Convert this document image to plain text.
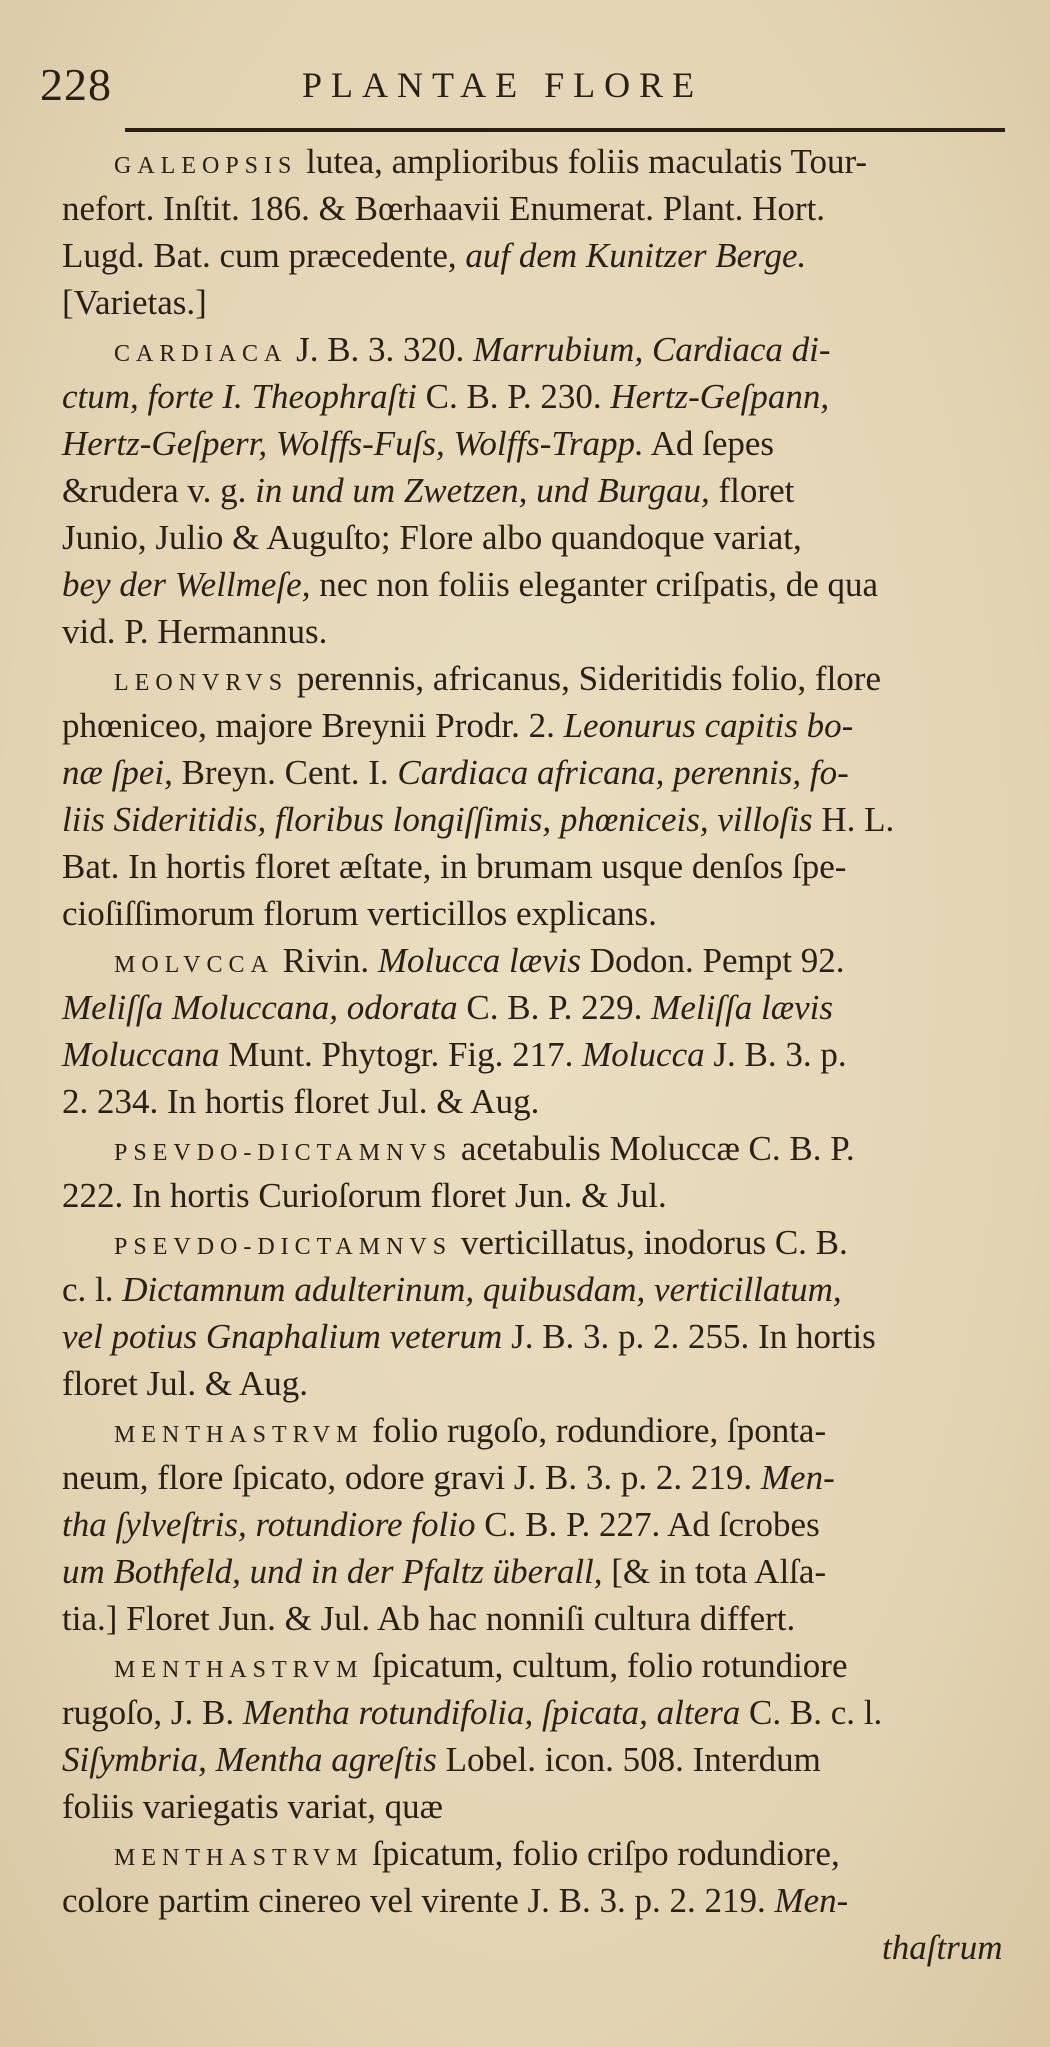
228	PLANTAE FLORE
GALEOPSIS lutea, amplioribus foliis maculatis Tour-
nefort. Inſtit. 186. & Bœrhaavii Enumerat. Plant. Hort.
Lugd. Bat. cum præcedente, auf dem Kunitzer Berge.
[Varietas.]
CARDIACA J. B. 3. 320. Marrubium, Cardiaca di-
ctum, forte I. Theophraſti C. B. P. 230. Hertz-Geſpann,
Hertz-Geſperr, Wolffs-Fuſs, Wolffs-Trapp. Ad ſepes
&rudera v. g. in und um Zwetzen, und Burgau, floret
Junio, Julio & Auguſto; Flore albo quandoque variat,
bey der Wellmeſe, nec non foliis eleganter criſpatis, de qua
vid. P. Hermannus.
LEONVRVS perennis, africanus, Sideritidis folio, flore
phœniceo, majore Breynii Prodr. 2. Leonurus capitis bo-
næ ſpei, Breyn. Cent. I. Cardiaca africana, perennis, fo-
liis Sideritidis, floribus longiſſimis, phœniceis, villoſis H. L.
Bat. In hortis floret æſtate, in brumam usque denſos ſpe-
cioſiſſimorum florum verticillos explicans.
MOLVCCA Rivin. Molucca lævis Dodon. Pempt 92.
Meliſſa Moluccana, odorata C. B. P. 229. Meliſſa lævis
Moluccana Munt. Phytogr. Fig. 217. Molucca J. B. 3. p.
2. 234. In hortis floret Jul. & Aug.
PSEVDO-DICTAMNVS acetabulis Moluccæ C. B. P.
222. In hortis Curioſorum floret Jun. & Jul.
PSEVDO-DICTAMNVS verticillatus, inodorus C. B.
c. l. Dictamnum adulterinum, quibusdam, verticillatum,
vel potius Gnaphalium veterum J. B. 3. p. 2. 255. In hortis
floret Jul. & Aug.
MENTHASTRVM folio rugoſo, rodundiore, ſponta-
neum, flore ſpicato, odore gravi J. B. 3. p. 2. 219. Men-
tha ſylveſtris, rotundiore folio C. B. P. 227. Ad ſcrobes
um Bothfeld, und in der Pfaltz überall, [& in tota Alſa-
tia.] Floret Jun. & Jul. Ab hac nonniſi cultura differt.
MENTHASTRVM ſpicatum, cultum, folio rotundiore
rugoſo, J. B. Mentha rotundifolia, ſpicata, altera C. B. c. l.
Siſymbria, Mentha agreſtis Lobel. icon. 508. Interdum
foliis variegatis variat, quæ
MENTHASTRVM ſpicatum, folio criſpo rodundiore,
colore partim cinereo vel virente J. B. 3. p. 2. 219. Men-
thaſtrum
